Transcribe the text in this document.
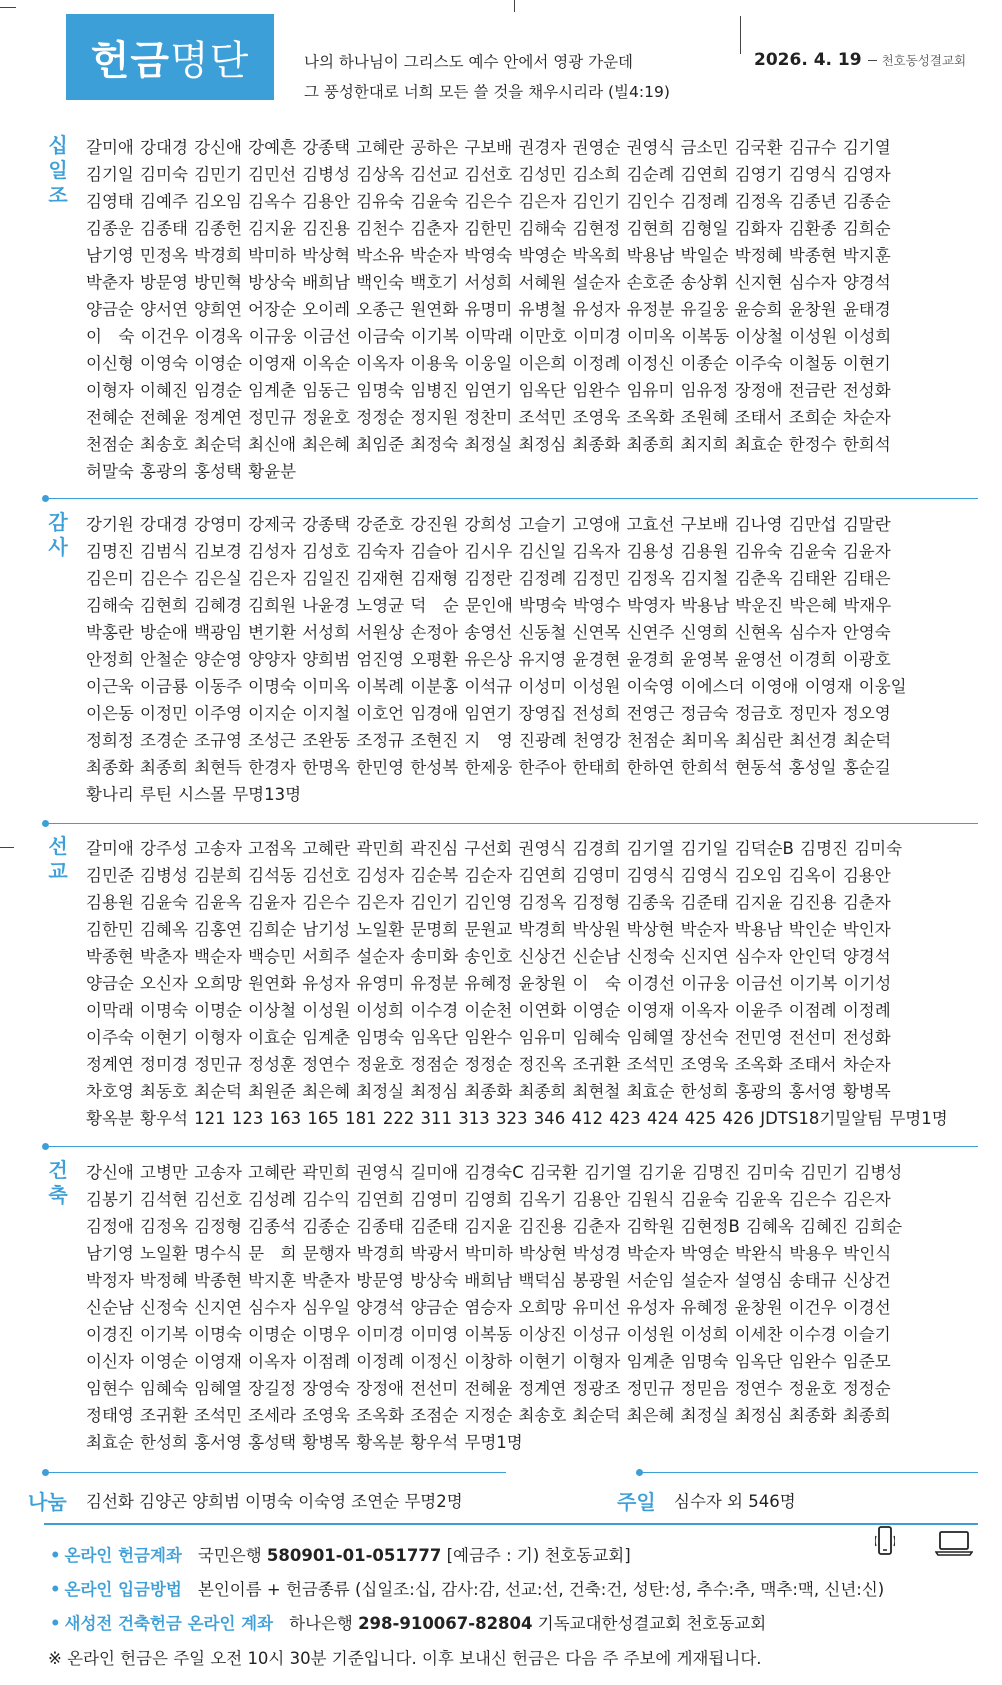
헌금 명단	나의 하나님이 그리스도 예수 안에서 영광 가운데
그 풍성한대로 너희 모든 쓸 것을 채우시리라 (빌4:19)
2026. 4. 19 천호동성결교회
십
일
조
갈미애 강대경 강신애 강예흔 강종택 고혜란 공하은 구보배 권경자 권영순 권영식 금소민 김국환 김규수 김기열
김기일 김미숙 김민기 김민선 김병성 김상옥 김선교 김선호 김성민 김소희 김순례 김연희 김영기 김영식 김영자
김영태 김예주 김오임 김옥수 김용안 김유숙 김윤숙 김은수 김은자 김인기 김인수 김정례 김정옥 김종년 김종순
김종운 김종태 김종헌 김지윤 김진용 김천수 김춘자 김한민 김해숙 김현정 김현희 김형일 김화자 김환종 김희순
남기영 민정옥 박경희 박미하 박상혁 박소유 박순자 박영숙 박영순 박옥희 박용남 박일순 박정혜 박종현 박지훈
박춘자 방문영 방민혁 방상숙 배희남 백인숙 백호기 서성희 서혜원 설순자 손호준 송상휘 신지현 심수자 양경석
양금순 양서연 양희연 어장순 오이레 오종근 원연화 유명미 유병철 유성자 유정분 유길웅 윤승희 윤창원 윤태경
이　숙 이건우 이경옥 이규웅 이금선 이금숙 이기복 이막래 이만호 이미경 이미옥 이복동 이상철 이성원 이성희
이신형 이영숙 이영순 이영재 이옥순 이옥자 이용욱 이웅일 이은희 이정례 이정신 이종순 이주숙 이철동 이현기
이형자 이혜진 임경순 임계춘 임동근 임명숙 임병진 임연기 임옥단 임완수 임유미 임유정 장정애 전금란 전성화
전혜순 전혜윤 정계연 정민규 정윤호 정정순 정지원 정찬미 조석민 조영욱 조옥화 조원혜 조태서 조희순 차순자
천점순 최송호 최순덕 최신애 최은혜 최임준 최정숙 최정실 최정심 최종화 최종희 최지희 최효순 한정수 한희석
허말숙 홍광의 홍성택 황윤분
감
사
강기원 강대경 강영미 강제국 강종택 강준호 강진원 강희성 고슬기 고영애 고효선 구보배 김나영 김만섭 김말란
김명진 김범식 김보경 김성자 김성호 김숙자 김슬아 김시우 김신일 김옥자 김용성 김용원 김유숙 김윤숙 김윤자
김은미 김은수 김은실 김은자 김일진 김재현 김재형 김정란 김정례 김정민 김정옥 김지철 김춘옥 김태완 김태은
김해숙 김현희 김혜경 김희원 나윤경 노영균 덕　순 문인애 박명숙 박영수 박영자 박용남 박운진 박은혜 박재우
박홍란 방순애 백광임 변기환 서성희 서원상 손정아 송영선 신동철 신연목 신연주 신영희 신현옥 심수자 안영숙
안정희 안철순 양순영 양양자 양희범 엄진영 오평환 유은상 유지영 윤경현 윤경희 윤영복 윤영선 이경희 이광호
이근욱 이금룡 이동주 이명숙 이미옥 이복례 이분홍 이석규 이성미 이성원 이숙영 이에스더 이영애 이영재 이웅일
이은동 이정민 이주영 이지순 이지철 이호언 임경애 임연기 장영집 전성희 전영근 정금숙 정금호 정민자 정오영
정희정 조경순 조규영 조성근 조완동 조정규 조현진 지　영 진광례 천영강 천점순 최미옥 최심란 최선경 최순덕
최종화 최종희 최현득 한경자 한명옥 한민영 한성복 한제웅 한주아 한태희 한하연 한희석 현동석 홍성일 홍순길
황나리 루틴 시스몰 무명13명
선
교
갈미애 강주성 고송자 고점옥 고혜란 곽민희 곽진심 구선회 권영식 김경희 김기열 김기일 김덕순B 김명진 김미숙
김민준 김병성 김분희 김석동 김선호 김성자 김순복 김순자 김연희 김영미 김영식 김영식 김오임 김옥이 김용안
김용원 김윤숙 김윤옥 김윤자 김은수 김은자 김인기 김인영 김정옥 김정형 김종욱 김준태 김지윤 김진용 김춘자
김한민 김혜옥 김홍연 김희순 남기성 노일환 문명희 문원교 박경희 박상원 박상현 박순자 박용남 박인순 박인자
박종현 박춘자 백순자 백승민 서희주 설순자 송미화 송인호 신상건 신순남 신정숙 신지연 심수자 안인덕 양경석
양금순 오신자 오희망 원연화 유성자 유영미 유정분 유혜정 윤창원 이　숙 이경선 이규웅 이금선 이기복 이기성
이막래 이명숙 이명순 이상철 이성원 이성희 이수경 이순천 이연화 이영순 이영재 이옥자 이윤주 이점례 이정례
이주숙 이현기 이형자 이효순 임계춘 임명숙 임옥단 임완수 임유미 임혜숙 임혜열 장선숙 전민영 전선미 전성화
정계연 정미경 정민규 정성훈 정연수 정윤호 정점순 정정순 정진옥 조귀환 조석민 조영욱 조옥화 조태서 차순자
차호영 최동호 최순덕 최원준 최은혜 최정실 최정심 최종화 최종희 최현철 최효순 한성희 홍광의 홍서영 황병목
황옥분 황우석 121 123 163 165 181 222 311 313 323 346 412 423 424 425 426 JDTS18기밀알팀 무명1명
건
축
강신애 고병만 고송자 고혜란 곽민희 권영식 길미애 김경숙C 김국환 김기열 김기윤 김명진 김미숙 김민기 김병성
김봉기 김석현 김선호 김성례 김수익 김연희 김영미 김영희 김옥기 김용안 김원식 김윤숙 김윤옥 김은수 김은자
김정애 김정옥 김정형 김종석 김종순 김종태 김준태 김지윤 김진용 김춘자 김학원 김현정B 김혜옥 김혜진 김희순
남기영 노일환 명수식 문　희 문행자 박경희 박광서 박미하 박상현 박성경 박순자 박영순 박완식 박용우 박인식
박정자 박정혜 박종현 박지훈 박춘자 방문영 방상숙 배희남 백덕심 봉광원 서순임 설순자 설영심 송태규 신상건
신순남 신정숙 신지연 심수자 심우일 양경석 양금순 염승자 오희망 유미선 유성자 유혜정 윤창원 이건우 이경선
이경진 이기복 이명숙 이명순 이명우 이미경 이미영 이복동 이상진 이성규 이성원 이성희 이세찬 이수경 이슬기
이신자 이영순 이영재 이옥자 이점례 이정례 이정신 이창하 이현기 이형자 임계춘 임명숙 임옥단 임완수 임준모
임현수 임혜숙 임혜열 장길정 장영숙 장정애 전선미 전혜윤 정계연 정광조 정민규 정믿음 정연수 정윤호 정정순
정태영 조귀환 조석민 조세라 조영욱 조옥화 조점순 지정순 최송호 최순덕 최은혜 최정실 최정심 최종화 최종희
최효순 한성희 홍서영 홍성택 황병목 황옥분 황우석 무명1명
나눔 김선화 김양곤 양희범 이명숙 이숙영 조연순 무명2명	주일 심수자 외 546명
• 온라인 헌금계좌 국민은행 580901-01-051777 [예금주 : 기) 천호동교회]
• 온라인 입금방법 본인이름 + 헌금종류 (십일조:십, 감사:감, 선교:선, 건축:건, 성탄:성, 추수:추, 맥추:맥, 신년:신)
• 새성전 건축헌금 온라인 계좌 하나은행 298-910067-82804 기독교대한성결교회 천호동교회
※ 온라인 헌금은 주일 오전 10시 30분 기준입니다. 이후 보내신 헌금은 다음 주 주보에 게재됩니다.
